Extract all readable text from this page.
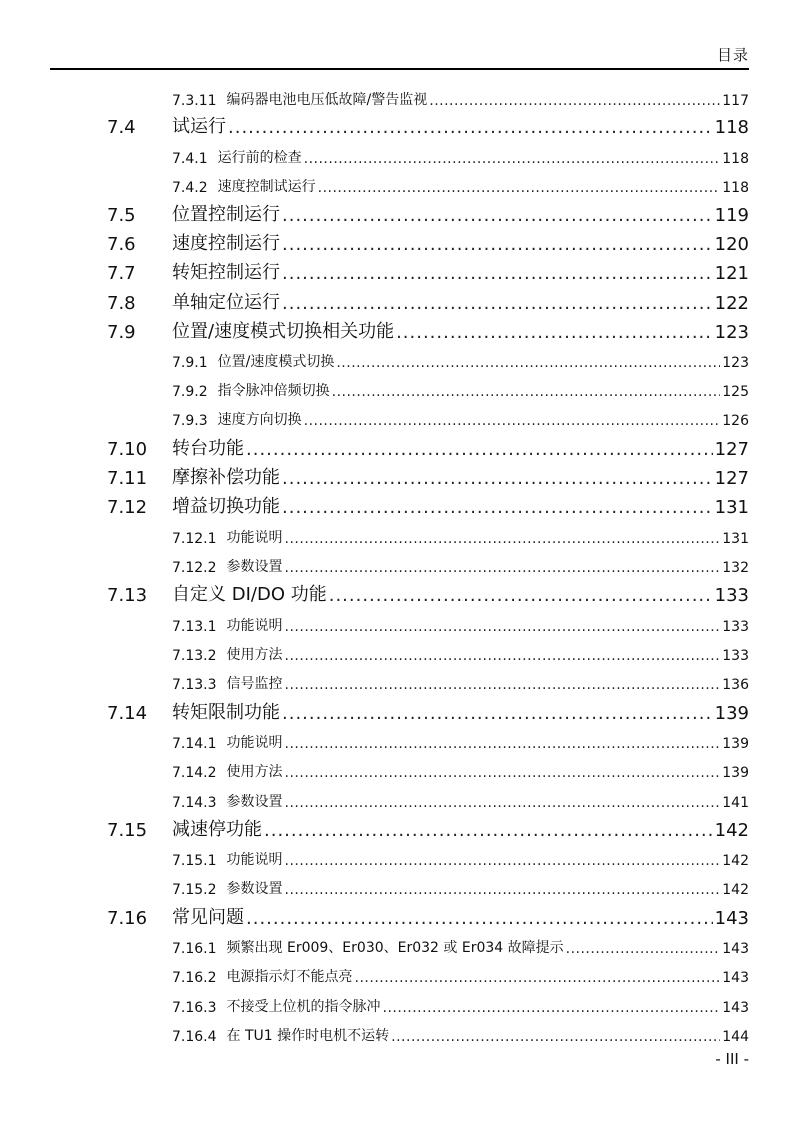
目录
7.3.11 编码器电池电压低故障/警告监视 .....	117
7.4 试运行 .....	118
7.4.1 运行前的检查 .....	118
7.4.2 速度控制试运行 .....	118
7.5 位置控制运行 .....	119
7.6 速度控制运行 .....	120
7.7 转矩控制运行 .....	121
7.8 单轴定位运行 .....	122
7.9 位置/速度模式切换相关功能 .....	123
7.9.1 位置/速度模式切换 .....	123
7.9.2 指令脉冲倍频切换 .....	125
7.9.3 速度方向切换 .....	126
7.10 转台功能 .....	127
7.11 摩擦补偿功能 .....	127
7.12 增益切换功能 .....	131
7.12.1 功能说明 .....	131
7.12.2 参数设置 .....	132
7.13 自定义 DI/DO 功能 .....	133
7.13.1 功能说明 .....	133
7.13.2 使用方法 .....	133
7.13.3 信号监控 .....	136
7.14 转矩限制功能 .....	139
7.14.1 功能说明 .....	139
7.14.2 使用方法 .....	139
7.14.3 参数设置 .....	141
7.15 减速停功能 .....	142
7.15.1 功能说明 .....	142
7.15.2 参数设置 .....	142
7.16 常见问题 .....	143
7.16.1 频繁出现 Er009、Er030、Er032 或 Er034 故障提示 .....	143
7.16.2 电源指示灯不能点亮 .....	143
7.16.3 不接受上位机的指令脉冲 .....	143
7.16.4 在 TU1 操作时电机不运转 .....	144
- III -
